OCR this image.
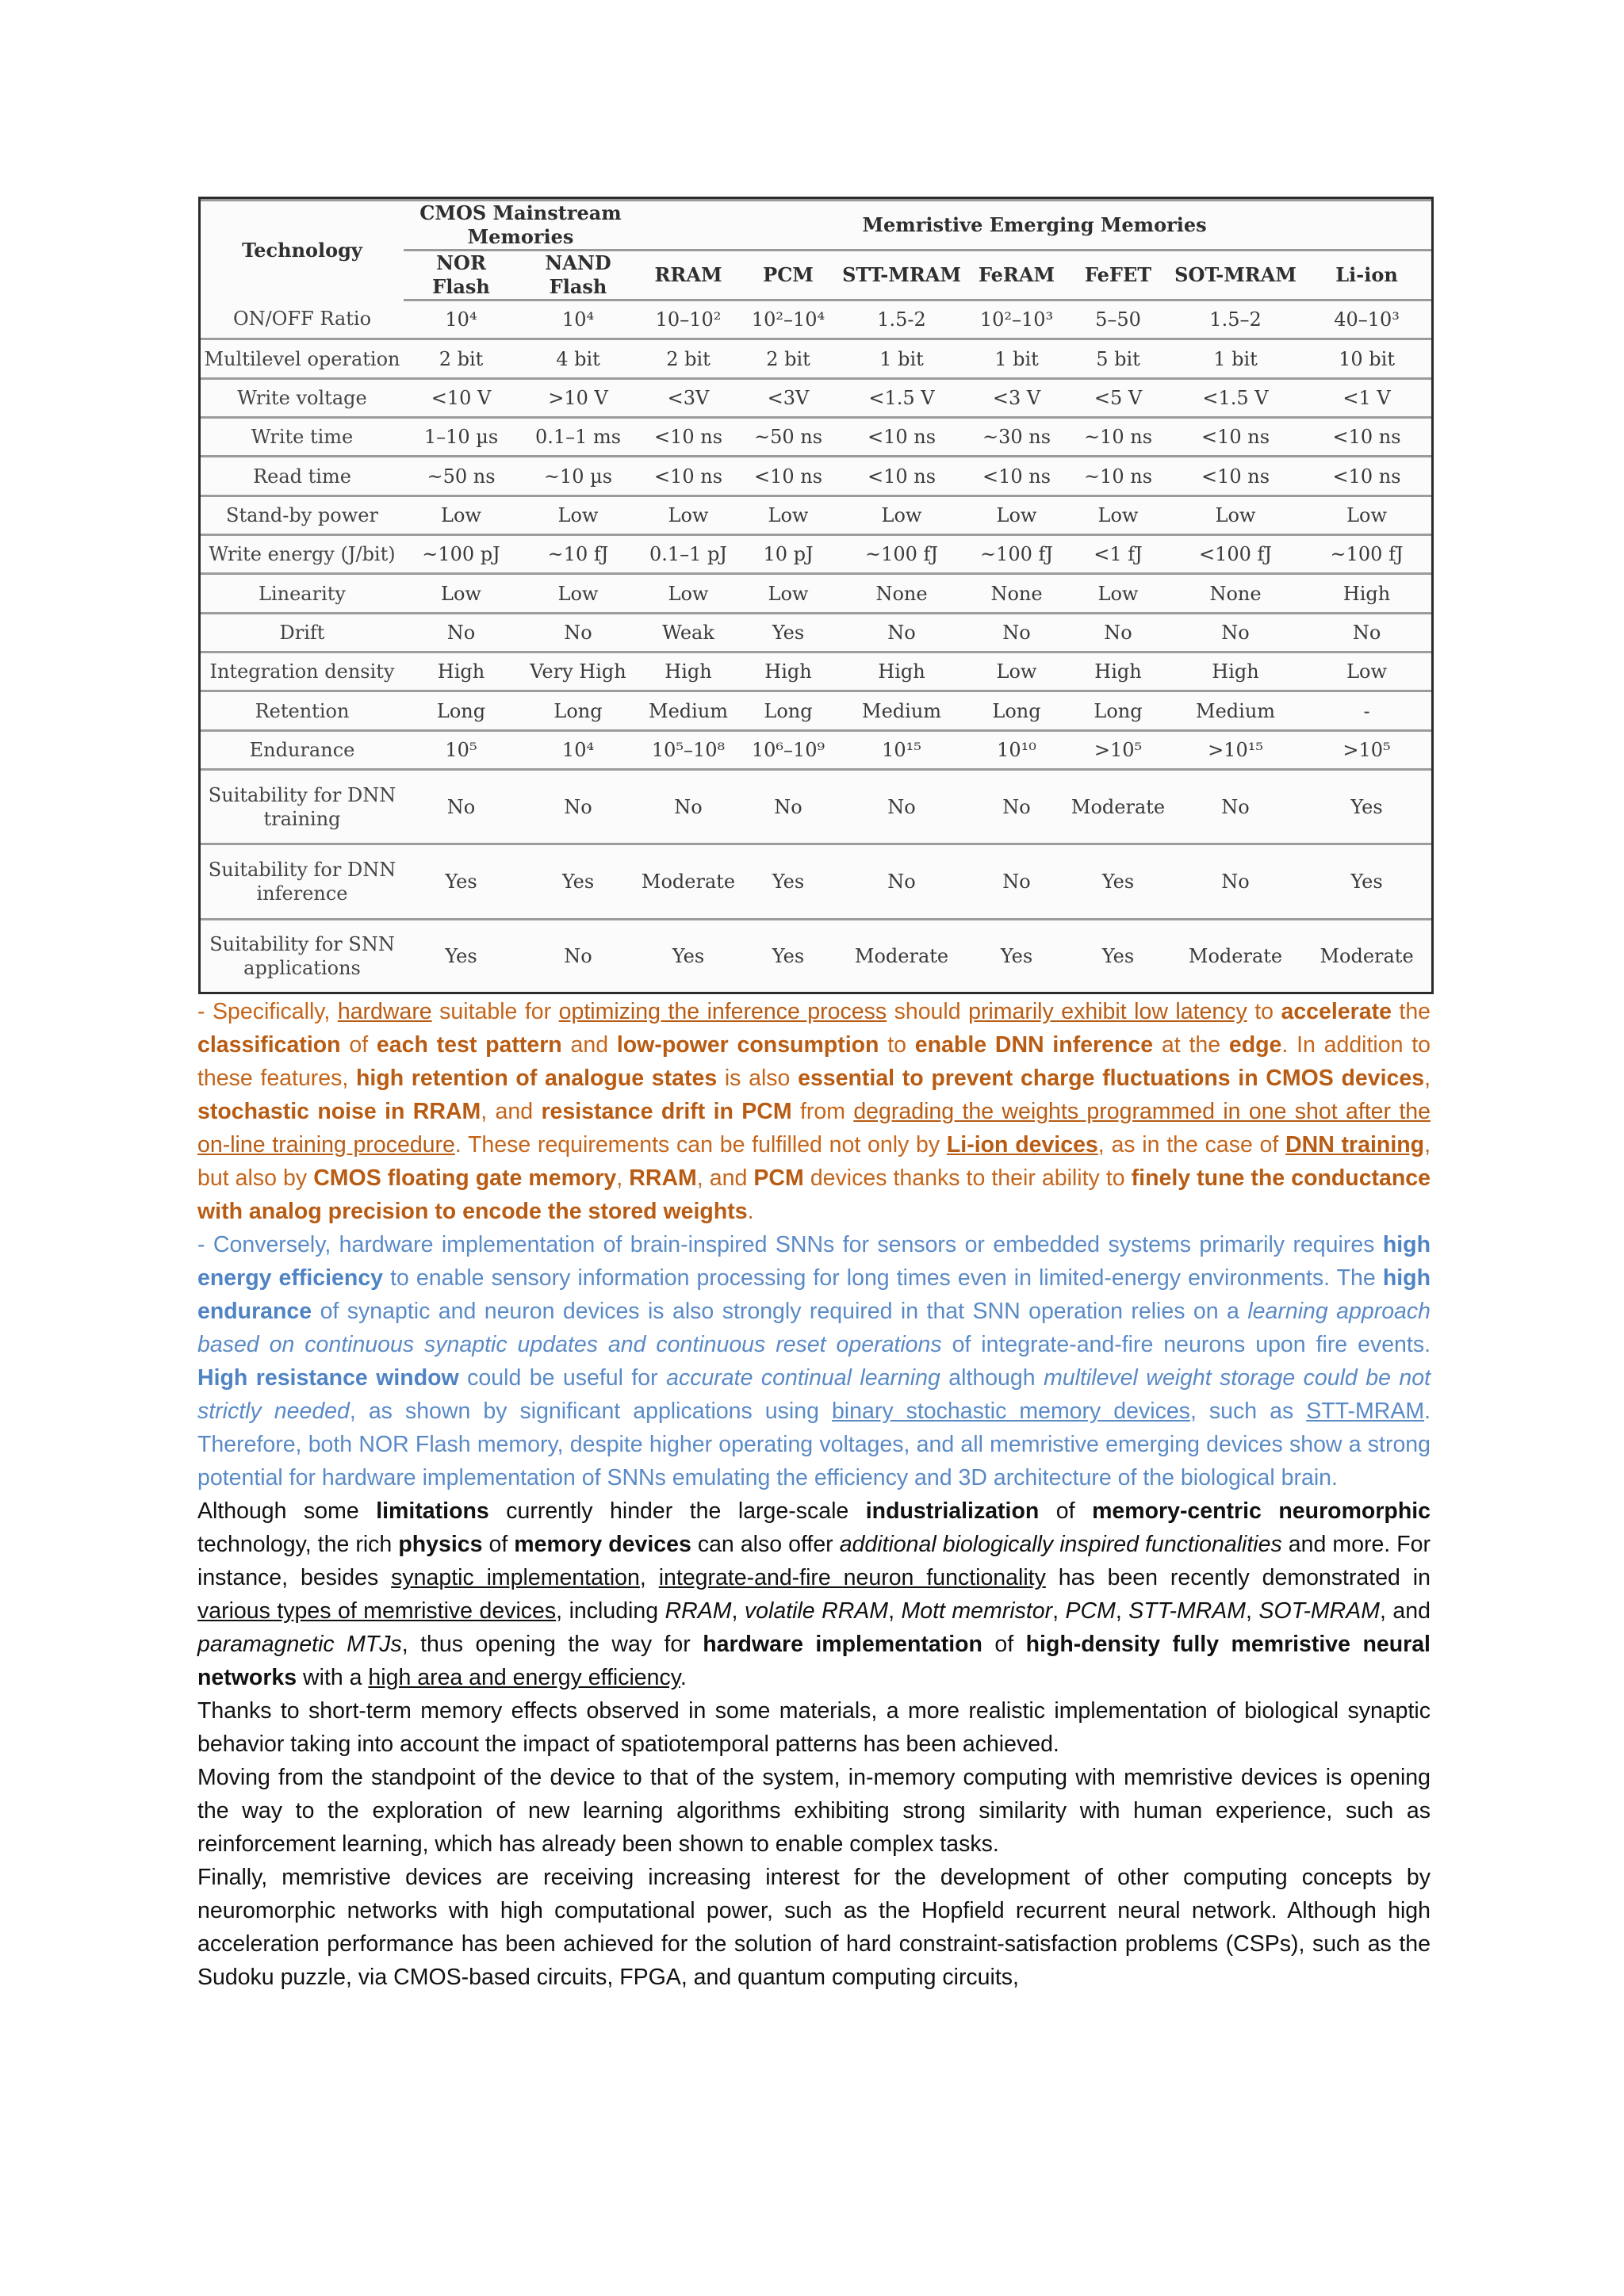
Technology	CMOS Mainstream Memories		Memristive Emerging Memories						
	NOR Flash	NAND Flash	RRAM	PCM	STT-MRAM	FeRAM	FeFET	SOT-MRAM	Li-ion
ON/OFF Ratio	10⁴	10⁴	10–10²	10²–10⁴	1.5-2	10²–10³	5–50	1.5–2	40–10³
Multilevel operation	2 bit	4 bit	2 bit	2 bit	1 bit	1 bit	5 bit	1 bit	10 bit
Write voltage	<10 V	>10 V	<3V	<3V	<1.5 V	<3 V	<5 V	<1.5 V	<1 V
Write time	1–10 µs	0.1–1 ms	<10 ns	~50 ns	<10 ns	~30 ns	~10 ns	<10 ns	<10 ns
Read time	~50 ns	~10 µs	<10 ns	<10 ns	<10 ns	<10 ns	~10 ns	<10 ns	<10 ns
Stand-by power	Low	Low	Low	Low	Low	Low	Low	Low	Low
Write energy (J/bit)	~100 pJ	~10 fJ	0.1–1 pJ	10 pJ	~100 fJ	~100 fJ	<1 fJ	<100 fJ	~100 fJ
Linearity	Low	Low	Low	Low	None	None	Low	None	High
Drift	No	No	Weak	Yes	No	No	No	No	No
Integration density	High	Very High	High	High	High	Low	High	High	Low
Retention	Long	Long	Medium	Long	Medium	Long	Long	Medium	-
Endurance	10⁵	10⁴	10⁵–10⁸	10⁶–10⁹	10¹⁵	10¹⁰	>10⁵	>10¹⁵	>10⁵
Suitability for DNN training	No	No	No	No	No	No	Moderate	No	Yes
Suitability for DNN inference	Yes	Yes	Moderate	Yes	No	No	Yes	No	Yes
Suitability for SNN applications	Yes	No	Yes	Yes	Moderate	Yes	Yes	Moderate	Moderate

- Specifically, hardware suitable for optimizing the inference process should primarily exhibit low latency to accelerate the classification of each test pattern and low-power consumption to enable DNN inference at the edge. In addition to these features, high retention of analogue states is also essential to prevent charge fluctuations in CMOS devices, stochastic noise in RRAM, and resistance drift in PCM from degrading the weights programmed in one shot after the on-line training procedure. These requirements can be fulfilled not only by Li-ion devices, as in the case of DNN training, but also by CMOS floating gate memory, RRAM, and PCM devices thanks to their ability to finely tune the conductance with analog precision to encode the stored weights.

- Conversely, hardware implementation of brain-inspired SNNs for sensors or embedded systems primarily requires high energy efficiency to enable sensory information processing for long times even in limited-energy environments. The high endurance of synaptic and neuron devices is also strongly required in that SNN operation relies on a learning approach based on continuous synaptic updates and continuous reset operations of integrate-and-fire neurons upon fire events. High resistance window could be useful for accurate continual learning although multilevel weight storage could be not strictly needed, as shown by significant applications using binary stochastic memory devices, such as STT-MRAM. Therefore, both NOR Flash memory, despite higher operating voltages, and all memristive emerging devices show a strong potential for hardware implementation of SNNs emulating the efficiency and 3D architecture of the biological brain.

Although some limitations currently hinder the large-scale industrialization of memory-centric neuromorphic technology, the rich physics of memory devices can also offer additional biologically inspired functionalities and more. For instance, besides synaptic implementation, integrate-and-fire neuron functionality has been recently demonstrated in various types of memristive devices, including RRAM, volatile RRAM, Mott memristor, PCM, STT-MRAM, SOT-MRAM, and paramagnetic MTJs, thus opening the way for hardware implementation of high-density fully memristive neural networks with a high area and energy efficiency.

Thanks to short-term memory effects observed in some materials, a more realistic implementation of biological synaptic behavior taking into account the impact of spatiotemporal patterns has been achieved.

Moving from the standpoint of the device to that of the system, in-memory computing with memristive devices is opening the way to the exploration of new learning algorithms exhibiting strong similarity with human experience, such as reinforcement learning, which has already been shown to enable complex tasks.

Finally, memristive devices are receiving increasing interest for the development of other computing concepts by neuromorphic networks with high computational power, such as the Hopfield recurrent neural network. Although high acceleration performance has been achieved for the solution of hard constraint-satisfaction problems (CSPs), such as the Sudoku puzzle, via CMOS-based circuits, FPGA, and quantum computing circuits,
